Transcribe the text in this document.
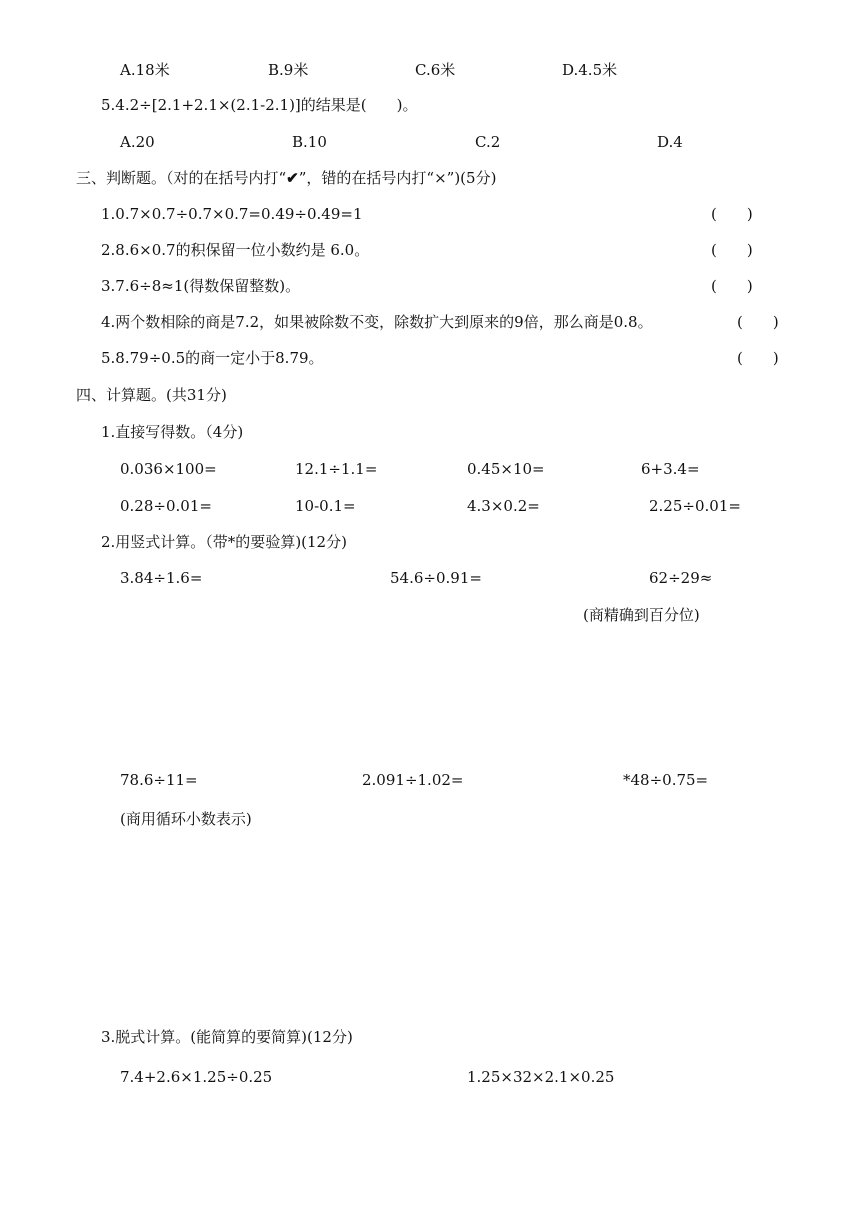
A.18米	B.9米	C.6米	D.4.5米
5.4.2÷[2.1+2.1×(2.1-2.1)]的结果是(　　)。
A.20	B.10	C.2	D.4
三、判断题。（对的在括号内打“✔”，错的在括号内打“×”)(5分)
1.0.7×0.7÷0.7×0.7=0.49÷0.49=1	(　　)
2.8.6×0.7的积保留一位小数约是 6.0。	(　　)
3.7.6÷8≈1(得数保留整数)。	(　　)
4.两个数相除的商是7.2，如果被除数不变，除数扩大到原来的9倍，那么商是0.8。	(　　)
5.8.79÷0.5的商一定小于8.79。	(　　)
四、计算题。(共31分)
1.直接写得数。（4分)
0.036×100=	12.1÷1.1=	0.45×10=	6+3.4=
0.28÷0.01=	10-0.1=	4.3×0.2=	2.25÷0.01=
2.用竖式计算。（带*的要验算)(12分)
3.84÷1.6=	54.6÷0.91=	62÷29≈
(商精确到百分位)
78.6÷11=	2.091÷1.02=	*48÷0.75=
(商用循环小数表示)
3.脱式计算。(能简算的要简算)(12分)
7.4+2.6×1.25÷0.25	1.25×32×2.1×0.25
